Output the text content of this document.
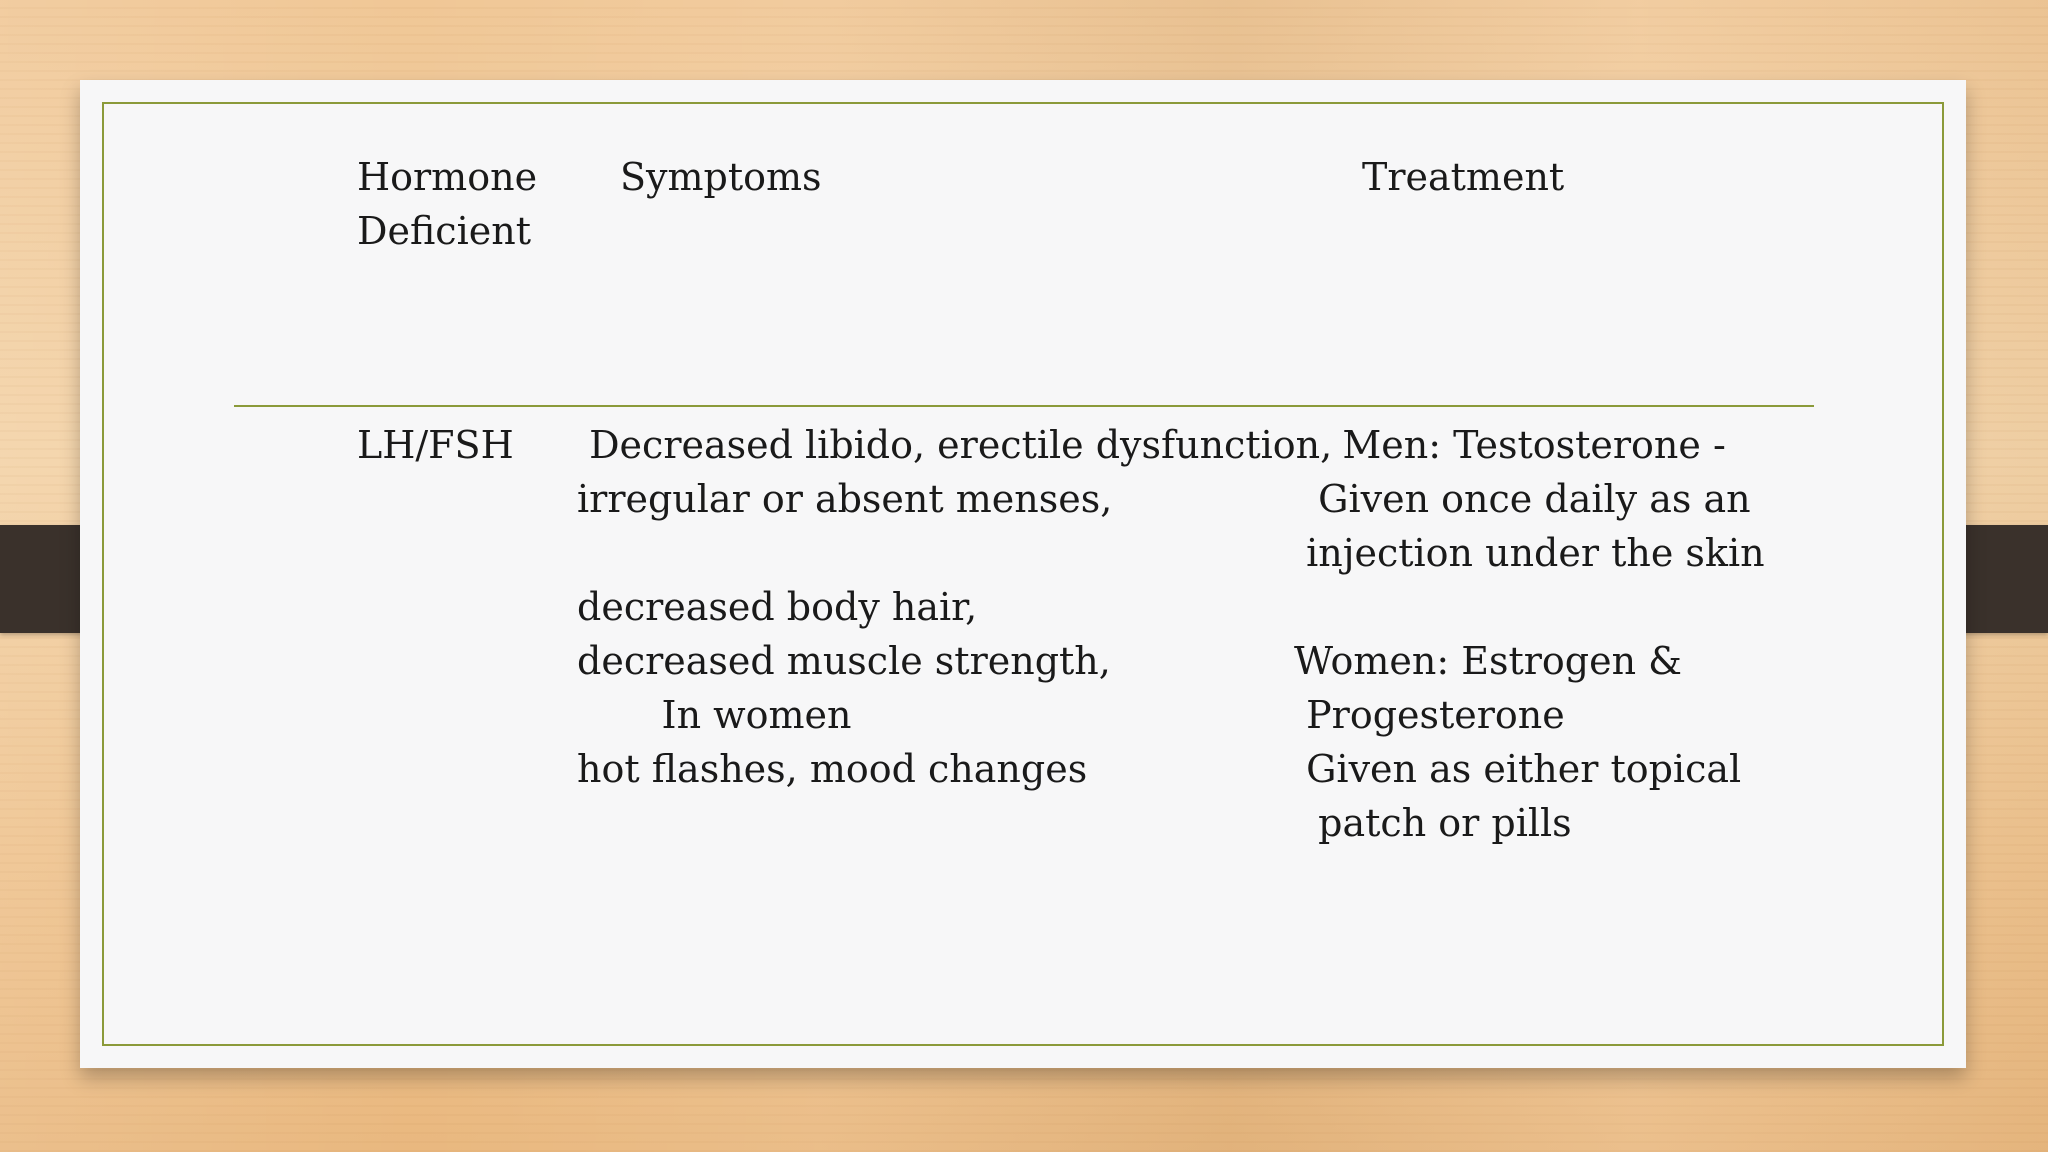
Hormone
Deficient
Symptoms	Treatment
LH/FSH Decreased libido, erectile dysfunction,
irregular or absent menses,
decreased body hair,
decreased muscle strength,
In women
hot flashes, mood changes
Men: Testosterone -
Given once daily as an
injection under the skin
Women: Estrogen &
Progesterone
Given as either topical
patch or pills
